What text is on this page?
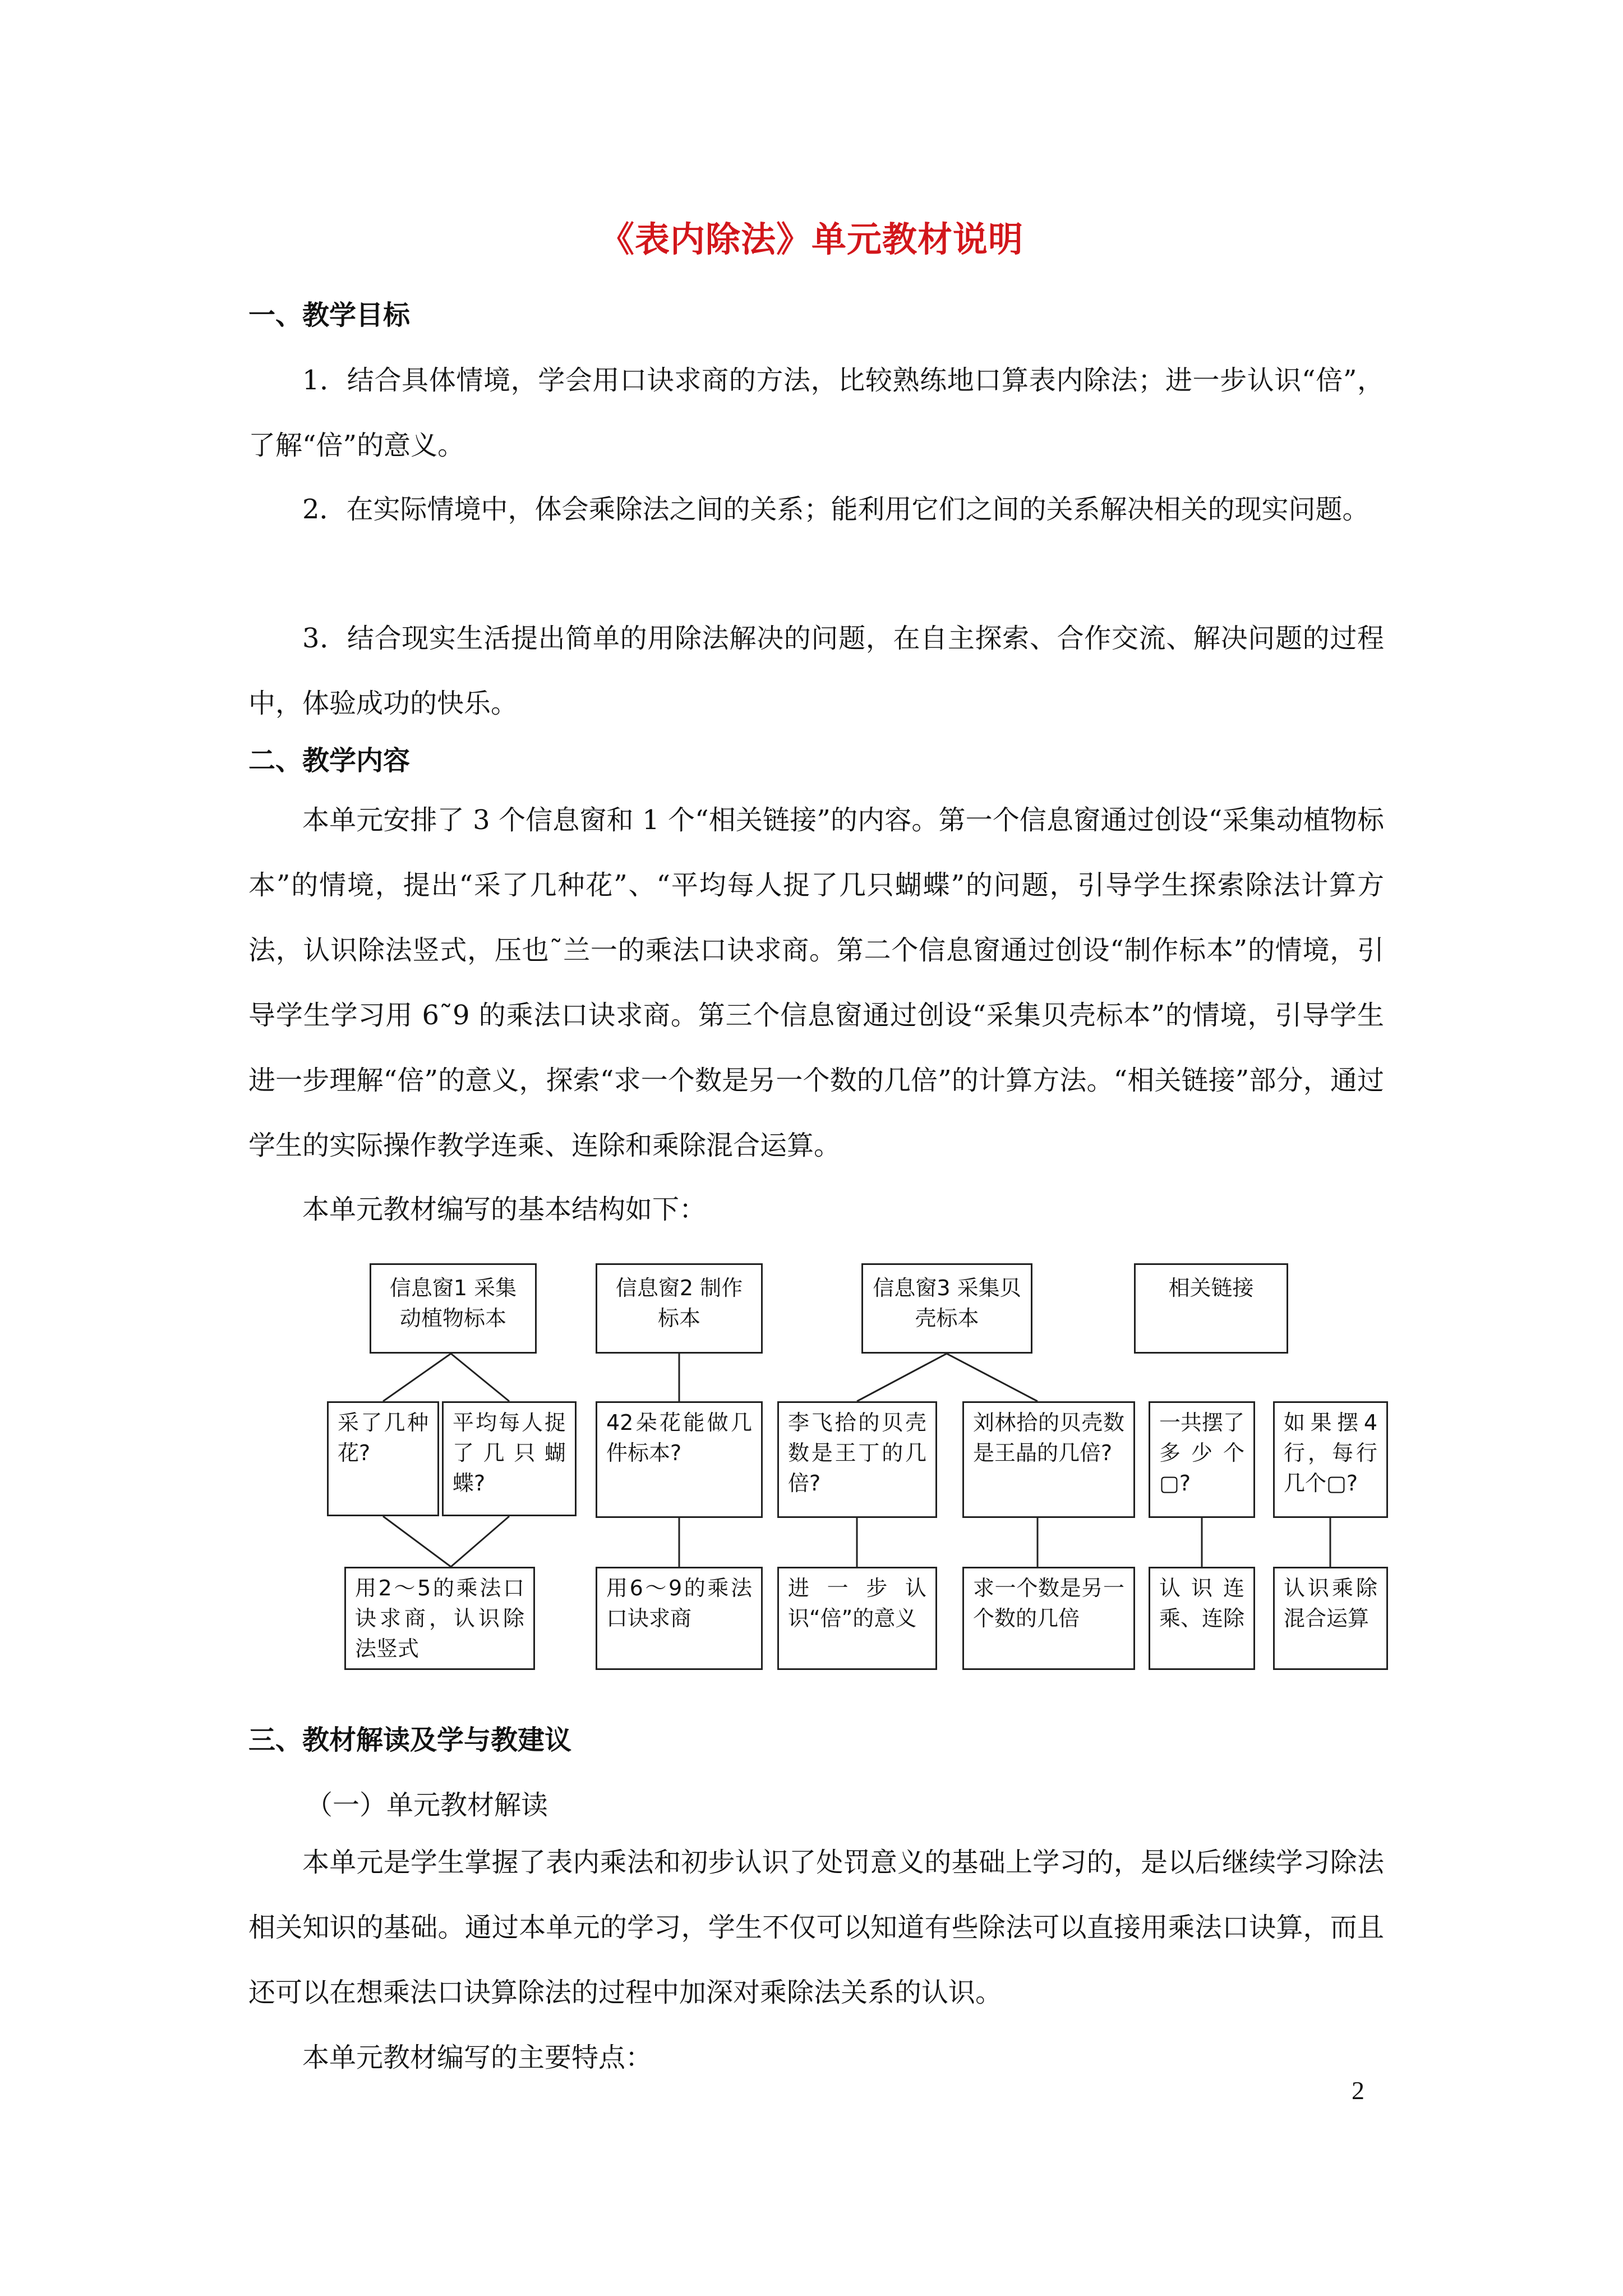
《表内除法》单元教材说明
一、教学目标
1．结合具体情境，学会用口诀求商的方法，比较熟练地口算表内除法；进一步认识“倍”，了解“倍”的意义。
2．在实际情境中，体会乘除法之间的关系；能利用它们之间的关系解决相关的现实问题。
3．结合现实生活提出简单的用除法解决的问题，在自主探索、合作交流、解决问题的过程中，体验成功的快乐。
二、教学内容
本单元安排了 3 个信息窗和 1 个“相关链接”的内容。第一个信息窗通过创设“采集动植物标本”的情境，提出“采了几种花”、“平均每人捉了几只蝴蝶”的问题，引导学生探索除法计算方法，认识除法竖式，压也˜兰一的乘法口诀求商。第二个信息窗通过创设“制作标本”的情境，引导学生学习用 6˜9 的乘法口诀求商。第三个信息窗通过创设“采集贝壳标本”的情境，引导学生进一步理解“倍”的意义，探索“求一个数是另一个数的几倍”的计算方法。“相关链接”部分，通过学生的实际操作教学连乘、连除和乘除混合运算。
本单元教材编写的基本结构如下：
信息窗1 采集动植物标本
信息窗2 制作标本
信息窗3 采集贝壳标本
相关链接
采了几种花?
平均每人捉了几只蝴蝶?
42朵花能做几件标本?
李飞拾的贝壳数是王丁的几倍?
刘林拾的贝壳数是王晶的几倍?
一共摆了多少个▢?
如果摆4行，每行几个▢?
用2～5的乘法口诀求商，认识除法竖式
用6～9的乘法口诀求商
进一步认识“倍”的意义
求一个数是另一个数的几倍
认识连乘、连除
认识乘除混合运算
三、教材解读及学与教建议
（一）单元教材解读
本单元是学生掌握了表内乘法和初步认识了处罚意义的基础上学习的，是以后继续学习除法相关知识的基础。通过本单元的学习，学生不仅可以知道有些除法可以直接用乘法口诀算，而且还可以在想乘法口诀算除法的过程中加深对乘除法关系的认识。
本单元教材编写的主要特点：
2
